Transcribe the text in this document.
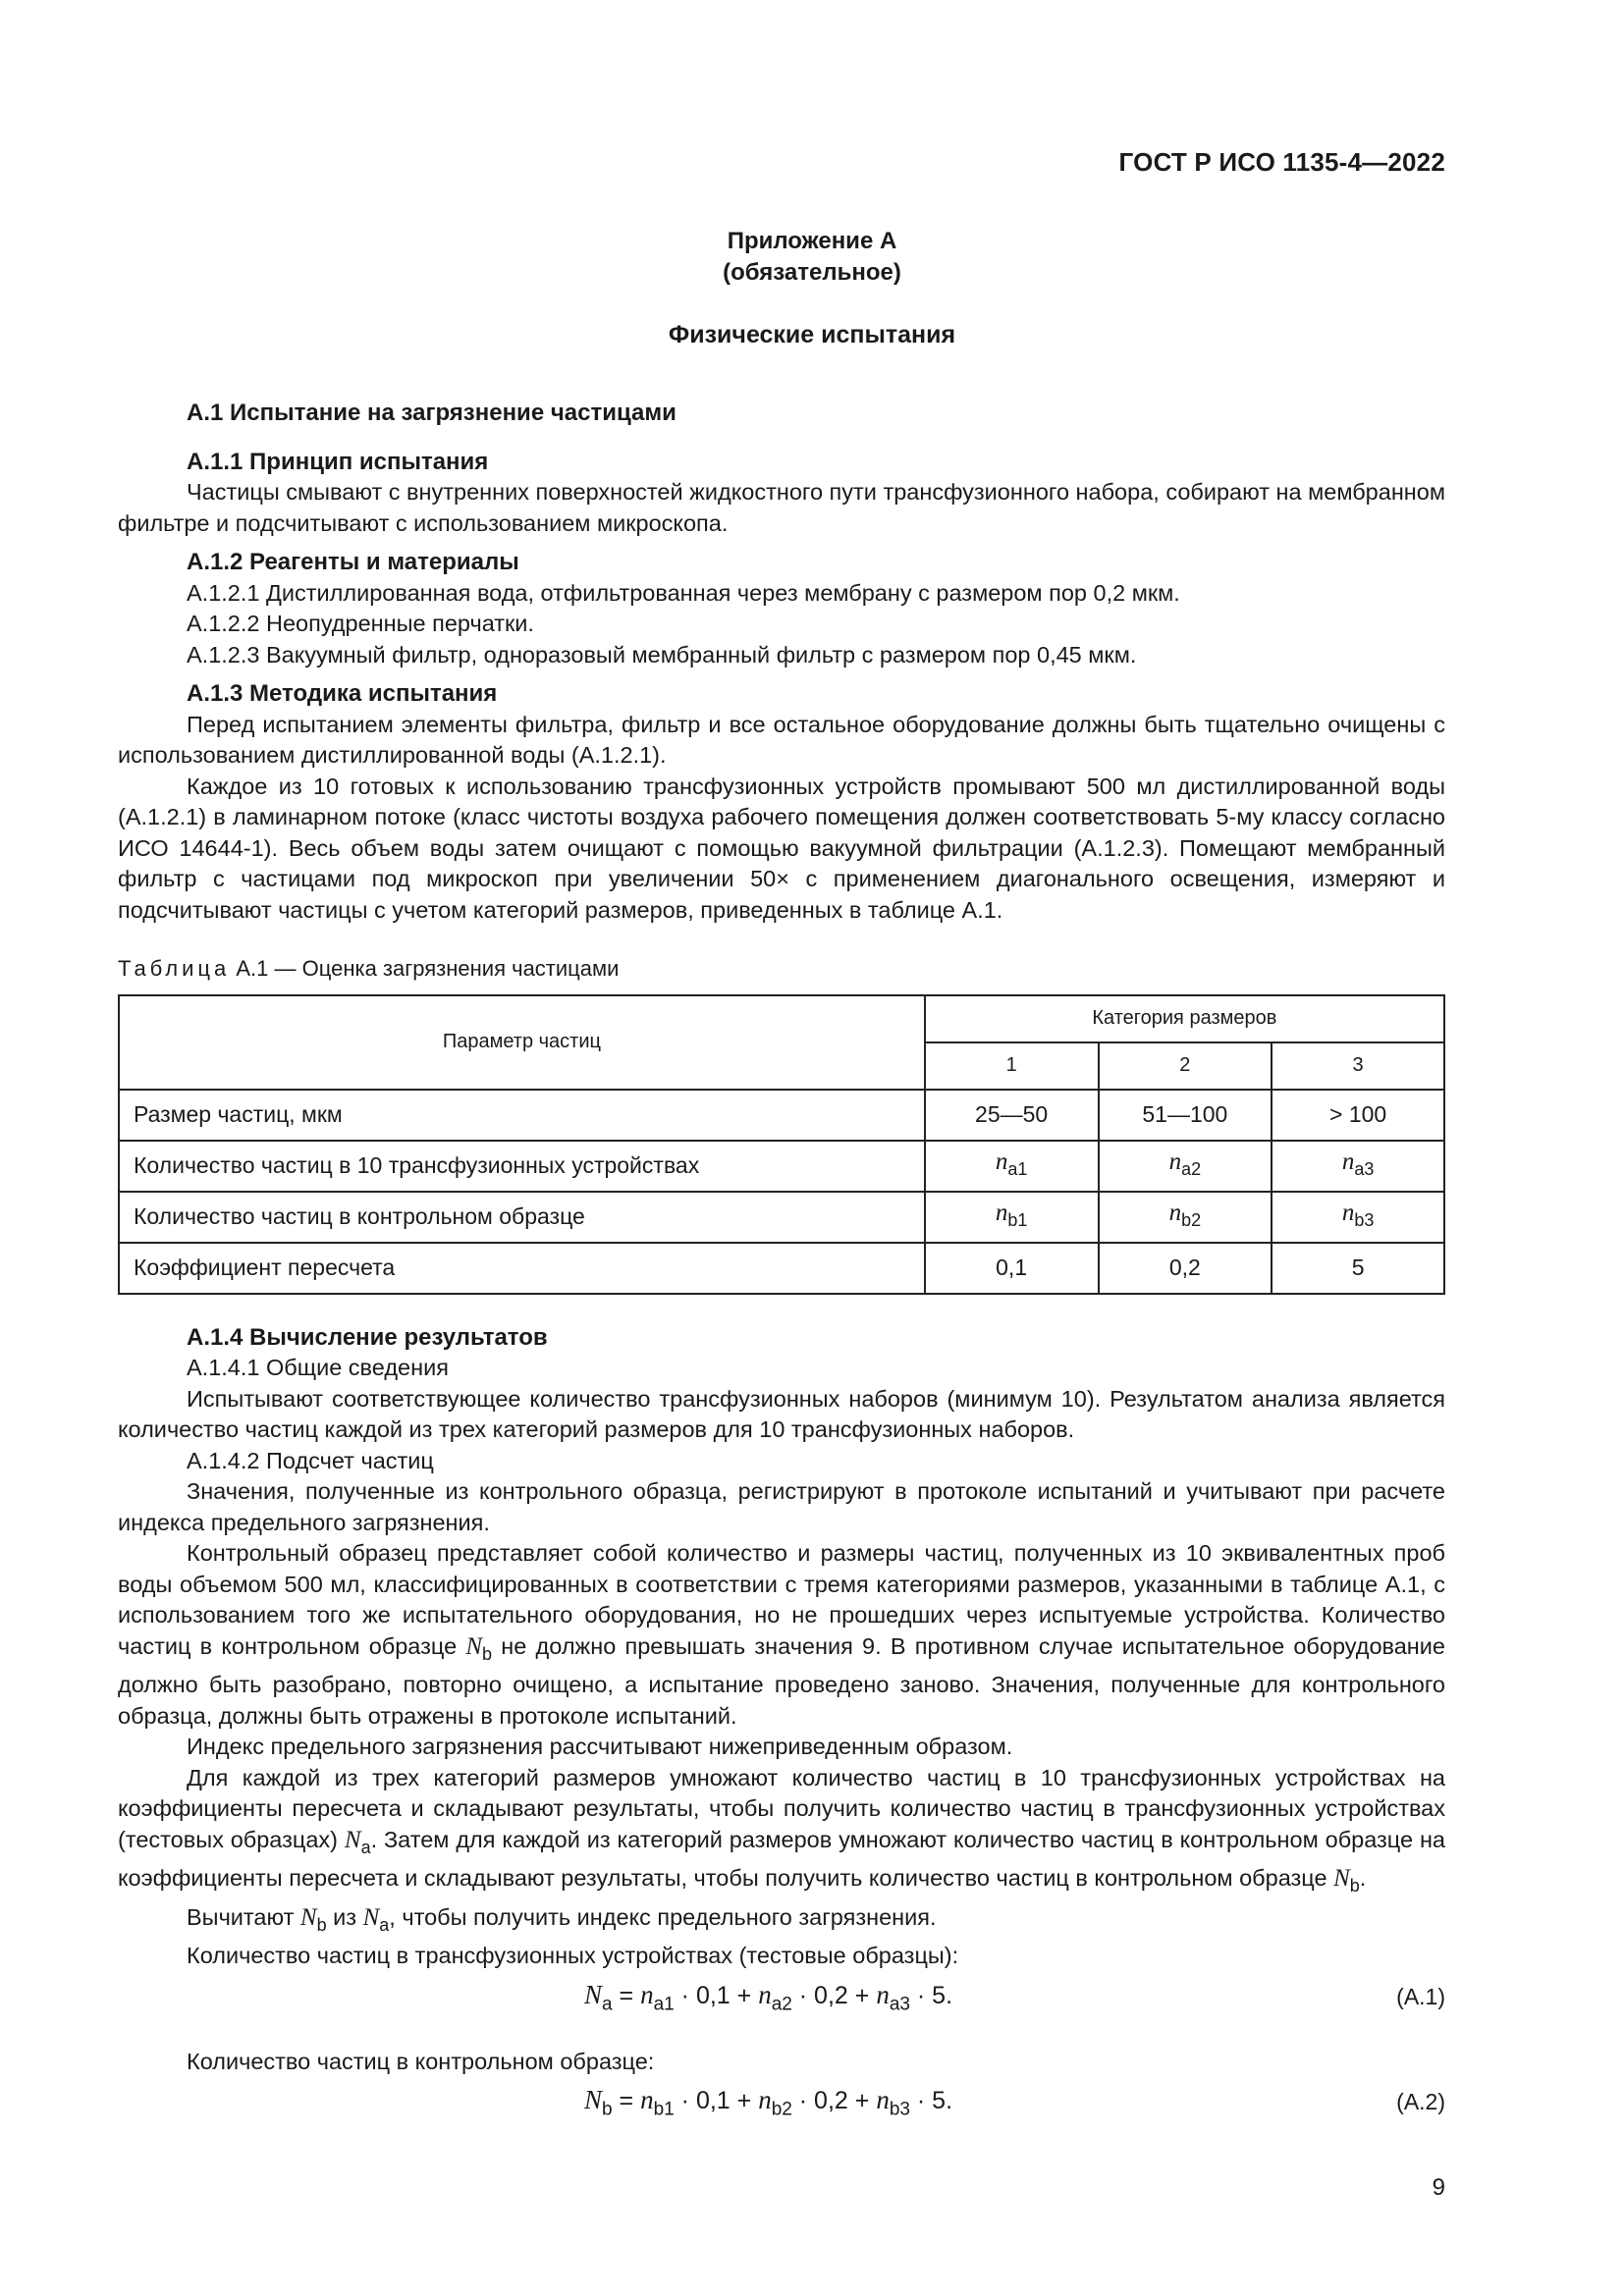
ГОСТ Р ИСО 1135-4—2022
Приложение А
(обязательное)
Физические испытания

А.1 Испытание на загрязнение частицами

А.1.1 Принцип испытания

Частицы смывают с внутренних поверхностей жидкостного пути трансфузионного набора, собирают на мембранном фильтре и подсчитывают с использованием микроскопа.

А.1.2 Реагенты и материалы

А.1.2.1 Дистиллированная вода, отфильтрованная через мембрану с размером пор 0,2 мкм.

А.1.2.2 Неопудренные перчатки.

А.1.2.3 Вакуумный фильтр, одноразовый мембранный фильтр с размером пор 0,45 мкм.

А.1.3 Методика испытания

Перед испытанием элементы фильтра, фильтр и все остальное оборудование должны быть тщательно очищены с использованием дистиллированной воды (А.1.2.1).

Каждое из 10 готовых к использованию трансфузионных устройств промывают 500 мл дистиллированной воды (А.1.2.1) в ламинарном потоке (класс чистоты воздуха рабочего помещения должен соответствовать 5-му классу согласно ИСО 14644-1). Весь объем воды затем очищают с помощью вакуумной фильтрации (А.1.2.3). Помещают мембранный фильтр с частицами под микроскоп при увеличении 50× с применением диагонального освещения, измеряют и подсчитывают частицы с учетом категорий размеров, приведенных в таблице А.1.

Таблица А.1 — Оценка загрязнения частицами

Параметр частиц	Категория размеров		
	1	2	3
Размер частиц, мкм	25—50	51—100	> 100
Количество частиц в 10 трансфузионных устройствах	$n_{a1}$	$n_{a2}$	$n_{a3}$
Количество частиц в контрольном образце	$n_{b1}$	$n_{b2}$	$n_{b3}$
Коэффициент пересчета	0,1	0,2	5

А.1.4 Вычисление результатов

А.1.4.1 Общие сведения

Испытывают соответствующее количество трансфузионных наборов (минимум 10). Результатом анализа является количество частиц каждой из трех категорий размеров для 10 трансфузионных наборов.

А.1.4.2 Подсчет частиц

Значения, полученные из контрольного образца, регистрируют в протоколе испытаний и учитывают при расчете индекса предельного загрязнения.

Контрольный образец представляет собой количество и размеры частиц, полученных из 10 эквивалентных проб воды объемом 500 мл, классифицированных в соответствии с тремя категориями размеров, указанными в таблице А.1, с использованием того же испытательного оборудования, но не прошедших через испытуемые устройства. Количество частиц в контрольном образце $N_b$ не должно превышать значения 9. В противном случае испытательное оборудование должно быть разобрано, повторно очищено, а испытание проведено заново. Значения, полученные для контрольного образца, должны быть отражены в протоколе испытаний.

Индекс предельного загрязнения рассчитывают нижеприведенным образом.

Для каждой из трех категорий размеров умножают количество частиц в 10 трансфузионных устройствах на коэффициенты пересчета и складывают результаты, чтобы получить количество частиц в трансфузионных устройствах (тестовых образцах) $N_a$. Затем для каждой из категорий размеров умножают количество частиц в контрольном образце на коэффициенты пересчета и складывают результаты, чтобы получить количество частиц в контрольном образце $N_b$.

Вычитают $N_b$ из $N_a$, чтобы получить индекс предельного загрязнения.

Количество частиц в трансфузионных устройствах (тестовые образцы):

$N_a = n_{a1} \cdot 0,1 + n_{a2} \cdot 0,2 + n_{a3} \cdot 5$.	(А.1)

Количество частиц в контрольном образце:

$N_b = n_{b1} \cdot 0,1 + n_{b2} \cdot 0,2 + n_{b3} \cdot 5$.	(А.2)
9
